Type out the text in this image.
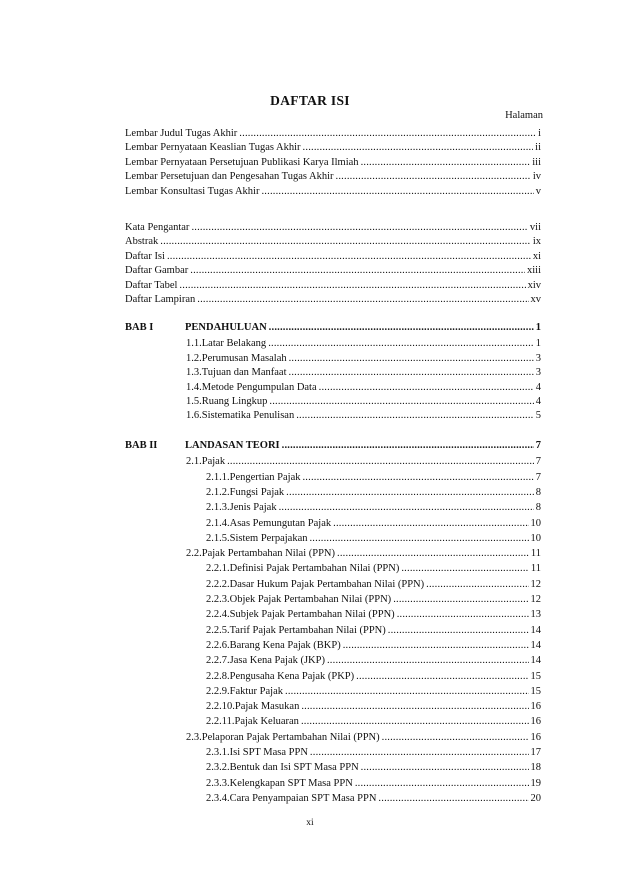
DAFTAR ISI
Halaman
Lembar Judul Tugas Akhir .....	i
Lembar Pernyataan Keaslian Tugas Akhir .....	ii
Lembar Pernyataan Persetujuan Publikasi Karya Ilmiah .....	iii
Lembar Persetujuan dan Pengesahan Tugas Akhir .....	iv
Lembar Konsultasi Tugas Akhir .....	v
Kata Pengantar .....	vii
Abstrak .....	ix
Daftar Isi .....	xi
Daftar Gambar .....	xiii
Daftar Tabel .....	xiv
Daftar Lampiran .....	xv
BAB I	PENDAHULUAN .....	1
1.1. Latar Belakang .....	1
1.2. Perumusan Masalah .....	3
1.3. Tujuan dan Manfaat .....	3
1.4. Metode Pengumpulan Data .....	4
1.5. Ruang Lingkup .....	4
1.6. Sistematika Penulisan .....	5
BAB II	LANDASAN TEORI .....	7
2.1. Pajak .....	7
2.1.1. Pengertian Pajak .....	7
2.1.2. Fungsi Pajak .....	8
2.1.3. Jenis Pajak .....	8
2.1.4. Asas Pemungutan Pajak .....	10
2.1.5. Sistem Perpajakan .....	10
2.2. Pajak Pertambahan Nilai (PPN) .....	11
2.2.1. Definisi Pajak Pertambahan Nilai (PPN) .....	11
2.2.2. Dasar Hukum Pajak Pertambahan Nilai (PPN) .....	12
2.2.3. Objek Pajak Pertambahan Nilai (PPN) .....	12
2.2.4. Subjek Pajak Pertambahan Nilai (PPN) .....	13
2.2.5. Tarif Pajak Pertambahan Nilai (PPN) .....	14
2.2.6. Barang Kena Pajak (BKP) .....	14
2.2.7. Jasa Kena Pajak (JKP) .....	14
2.2.8. Pengusaha Kena Pajak (PKP) .....	15
2.2.9. Faktur Pajak .....	15
2.2.10. Pajak Masukan .....	16
2.2.11. Pajak Keluaran .....	16
2.3. Pelaporan Pajak Pertambahan Nilai (PPN) .....	16
2.3.1. Isi SPT Masa PPN .....	17
2.3.2. Bentuk dan Isi SPT Masa PPN .....	18
2.3.3. Kelengkapan SPT Masa PPN .....	19
2.3.4. Cara Penyampaian SPT Masa PPN .....	20
xi
